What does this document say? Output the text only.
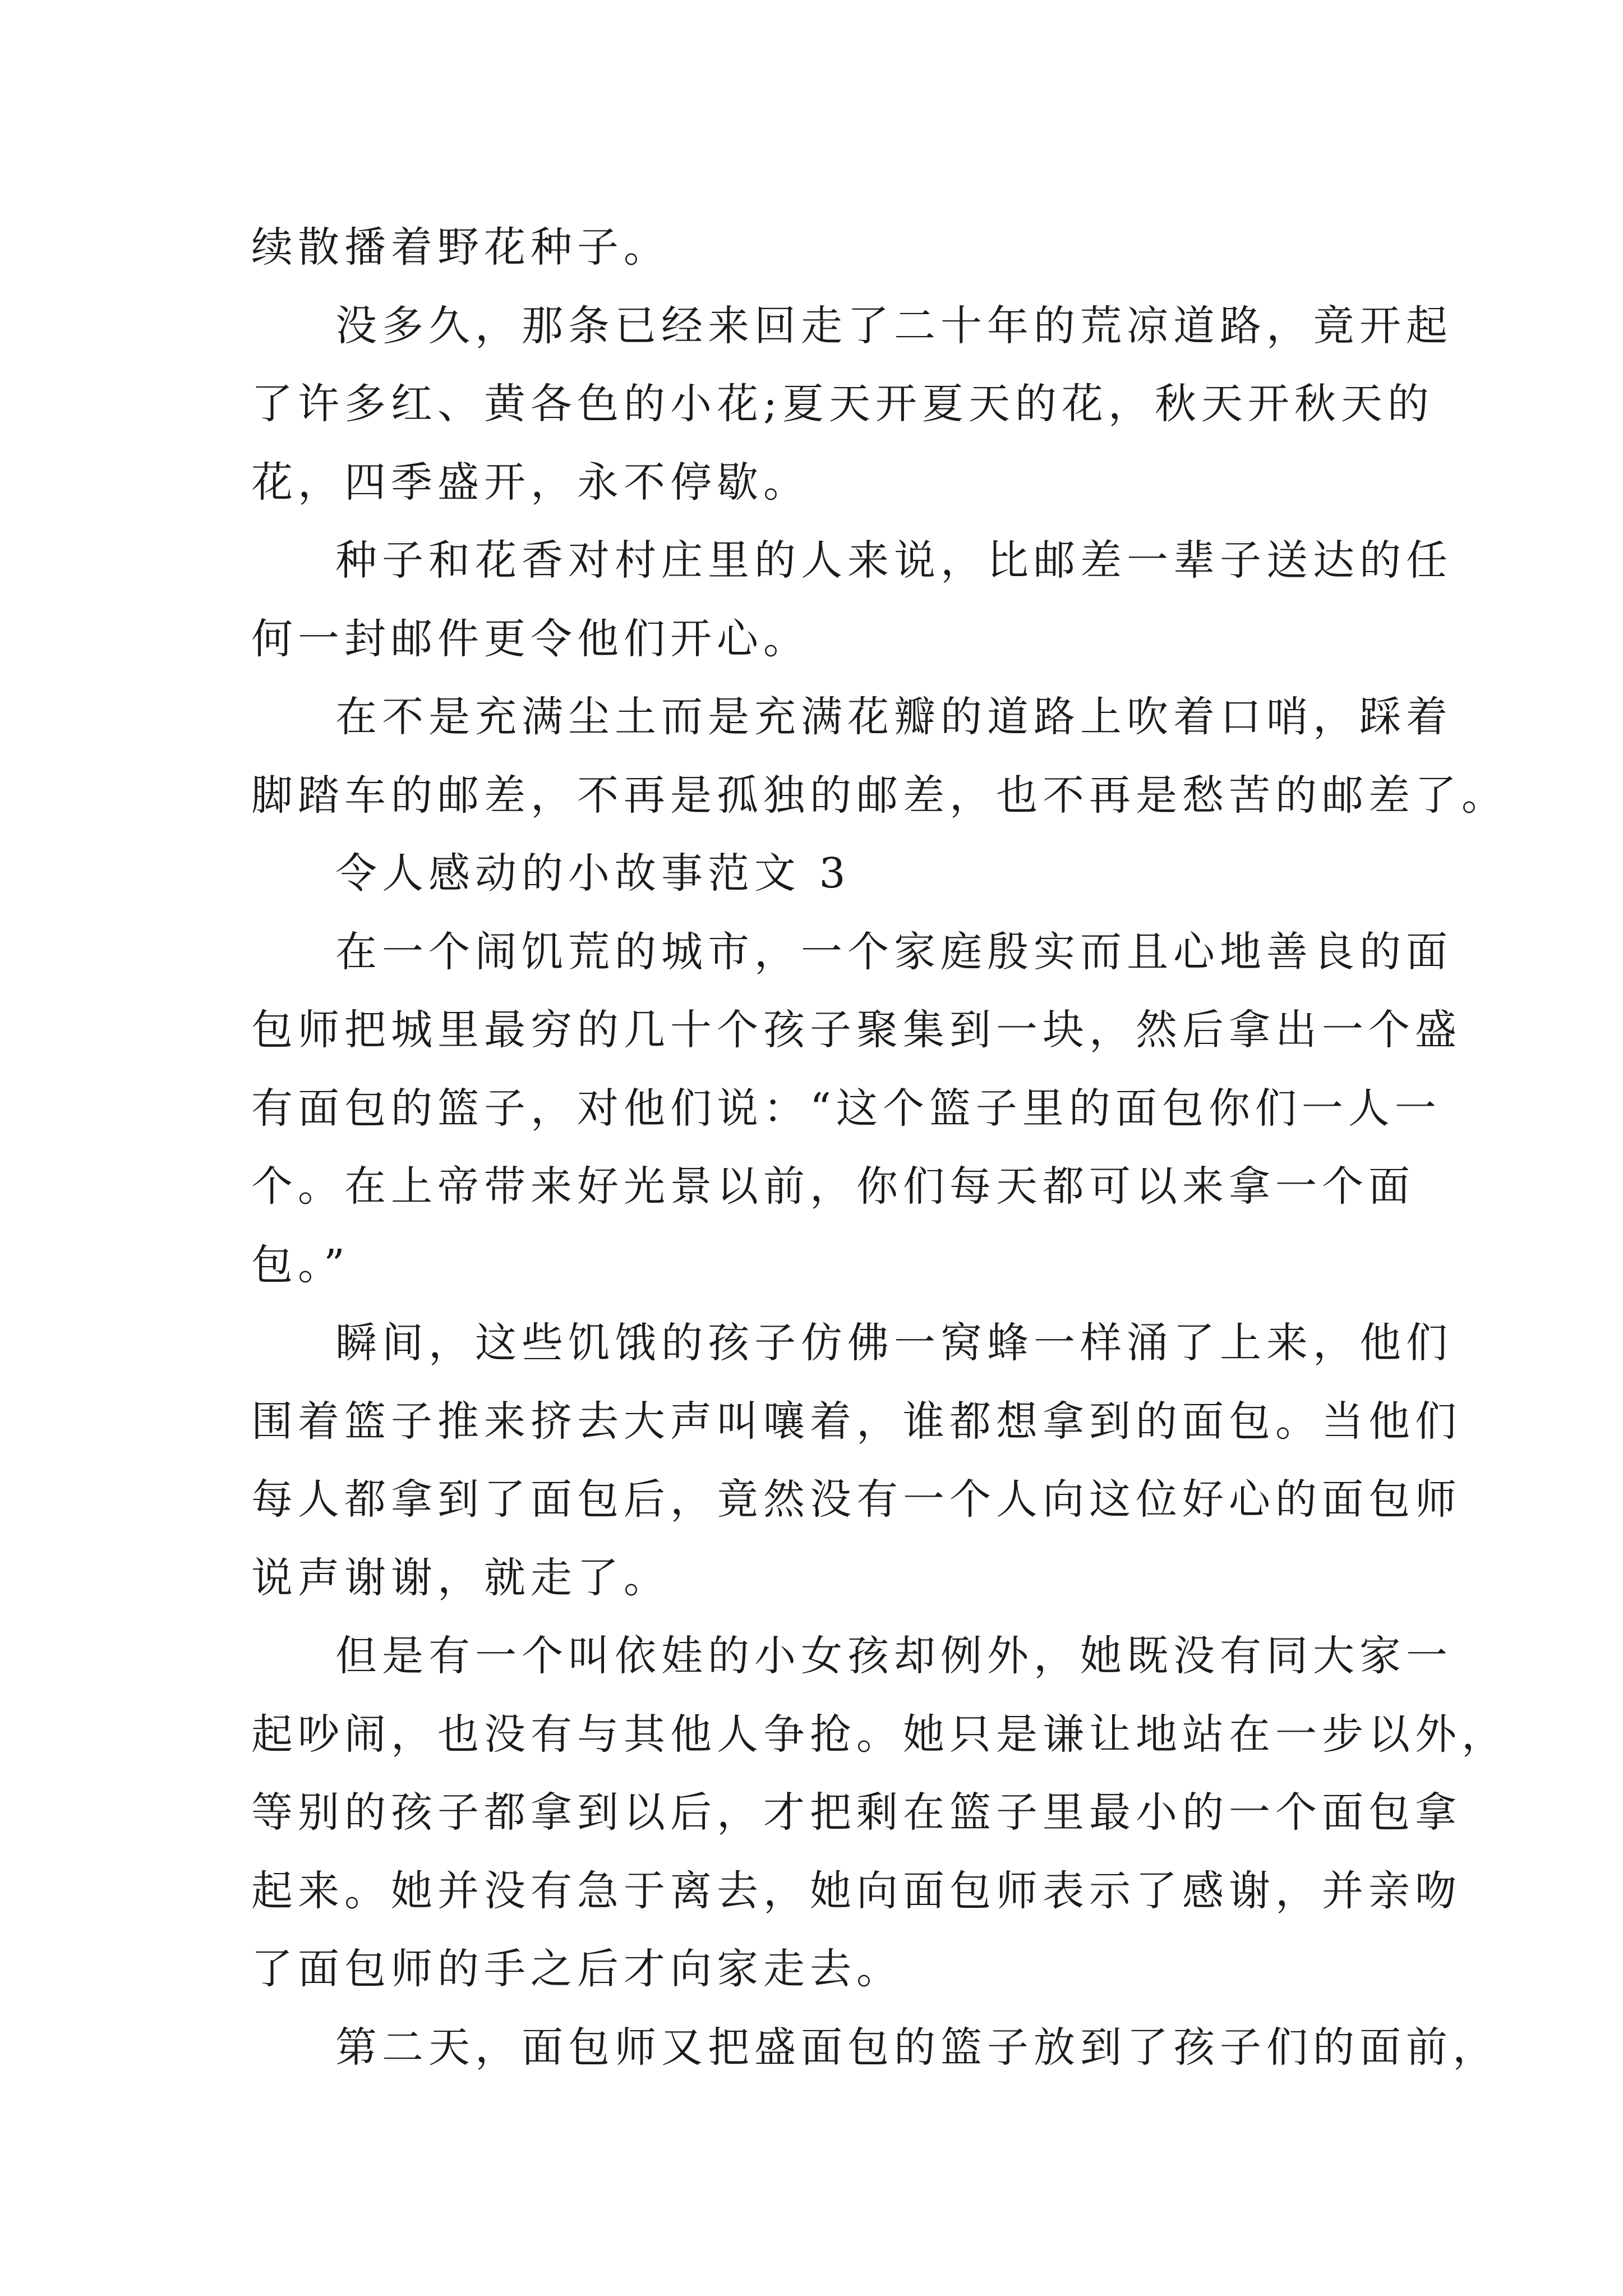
续散播着野花种子。
没多久，那条已经来回走了二十年的荒凉道路，竟开起
了许多红、黄各色的小花;夏天开夏天的花，秋天开秋天的
花，四季盛开，永不停歇。
种子和花香对村庄里的人来说，比邮差一辈子送达的任
何一封邮件更令他们开心。
在不是充满尘土而是充满花瓣的道路上吹着口哨，踩着
脚踏车的邮差，不再是孤独的邮差，也不再是愁苦的邮差了。
令人感动的小故事范文 3
在一个闹饥荒的城市，一个家庭殷实而且心地善良的面
包师把城里最穷的几十个孩子聚集到一块，然后拿出一个盛
有面包的篮子，对他们说：“这个篮子里的面包你们一人一
个。在上帝带来好光景以前，你们每天都可以来拿一个面
包。”
瞬间，这些饥饿的孩子仿佛一窝蜂一样涌了上来，他们
围着篮子推来挤去大声叫嚷着，谁都想拿到的面包。当他们
每人都拿到了面包后，竟然没有一个人向这位好心的面包师
说声谢谢，就走了。
但是有一个叫依娃的小女孩却例外，她既没有同大家一
起吵闹，也没有与其他人争抢。她只是谦让地站在一步以外，
等别的孩子都拿到以后，才把剩在篮子里最小的一个面包拿
起来。她并没有急于离去，她向面包师表示了感谢，并亲吻
了面包师的手之后才向家走去。
第二天，面包师又把盛面包的篮子放到了孩子们的面前，
